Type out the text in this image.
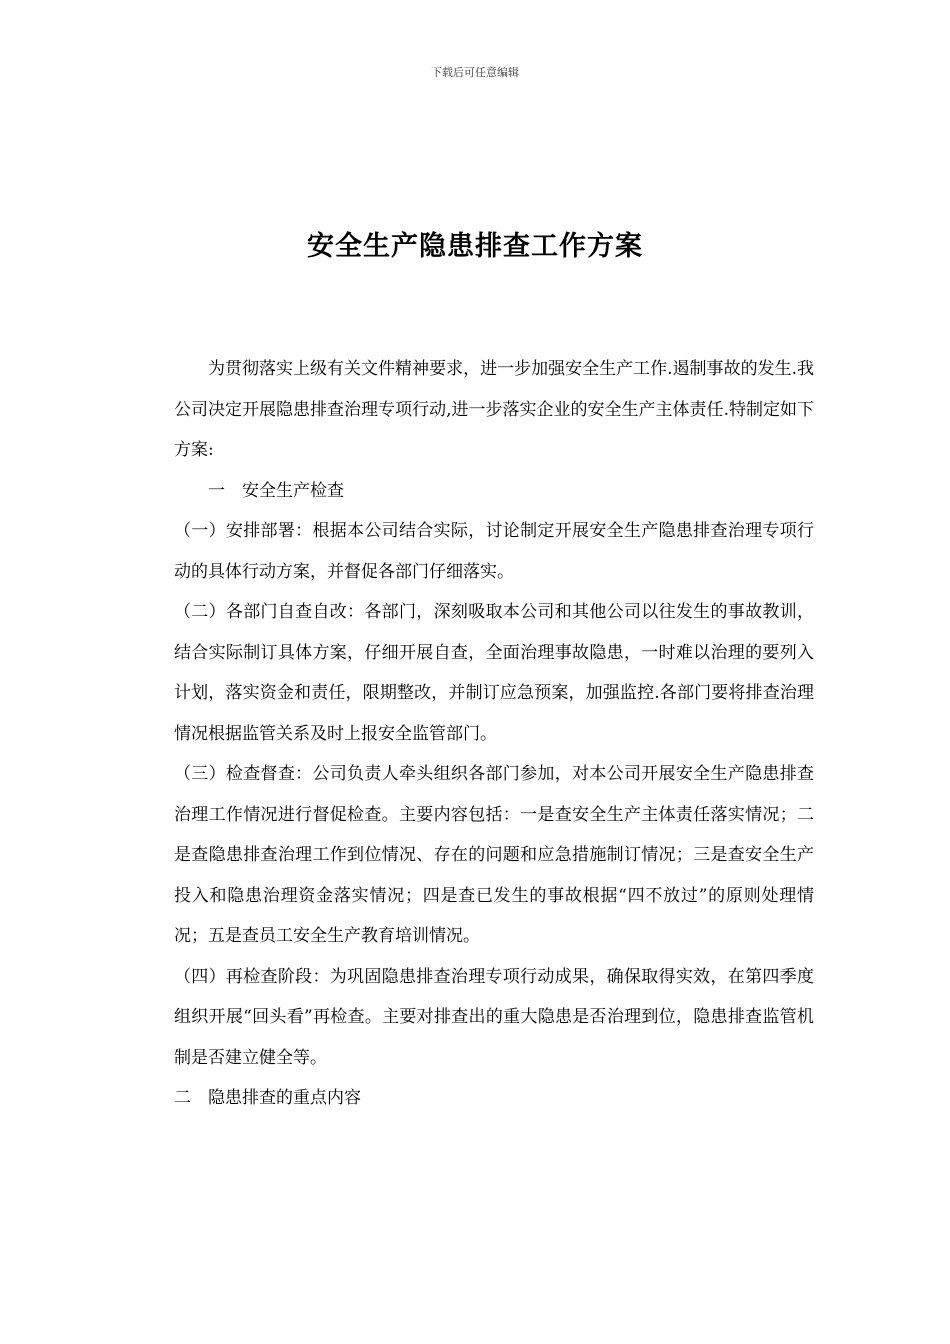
下载后可任意编辑
安全生产隐患排查工作方案

为贯彻落实上级有关文件精神要求，进一步加强安全生产工作.遏制事故的发生.我公司决定开展隐患排查治理专项行动,进一步落实企业的安全生产主体责任.特制定如下方案:

一　安全生产检查

（一）安排部署：根据本公司结合实际，讨论制定开展安全生产隐患排查治理专项行动的具体行动方案，并督促各部门仔细落实。

（二）各部门自查自改：各部门，深刻吸取本公司和其他公司以往发生的事故教训，结合实际制订具体方案，仔细开展自查，全面治理事故隐患，一时难以治理的要列入计划，落实资金和责任，限期整改，并制订应急预案，加强监控.各部门要将排查治理情况根据监管关系及时上报安全监管部门。

（三）检查督查：公司负责人牵头组织各部门参加，对本公司开展安全生产隐患排查治理工作情况进行督促检查。主要内容包括：一是查安全生产主体责任落实情况；二是查隐患排查治理工作到位情况、存在的问题和应急措施制订情况；三是查安全生产投入和隐患治理资金落实情况；四是查已发生的事故根据“四不放过”的原则处理情况；五是查员工安全生产教育培训情况。

（四）再检查阶段：为巩固隐患排查治理专项行动成果，确保取得实效，在第四季度组织开展“回头看”再检查。主要对排查出的重大隐患是否治理到位，隐患排查监管机制是否建立健全等。

二　隐患排查的重点内容
